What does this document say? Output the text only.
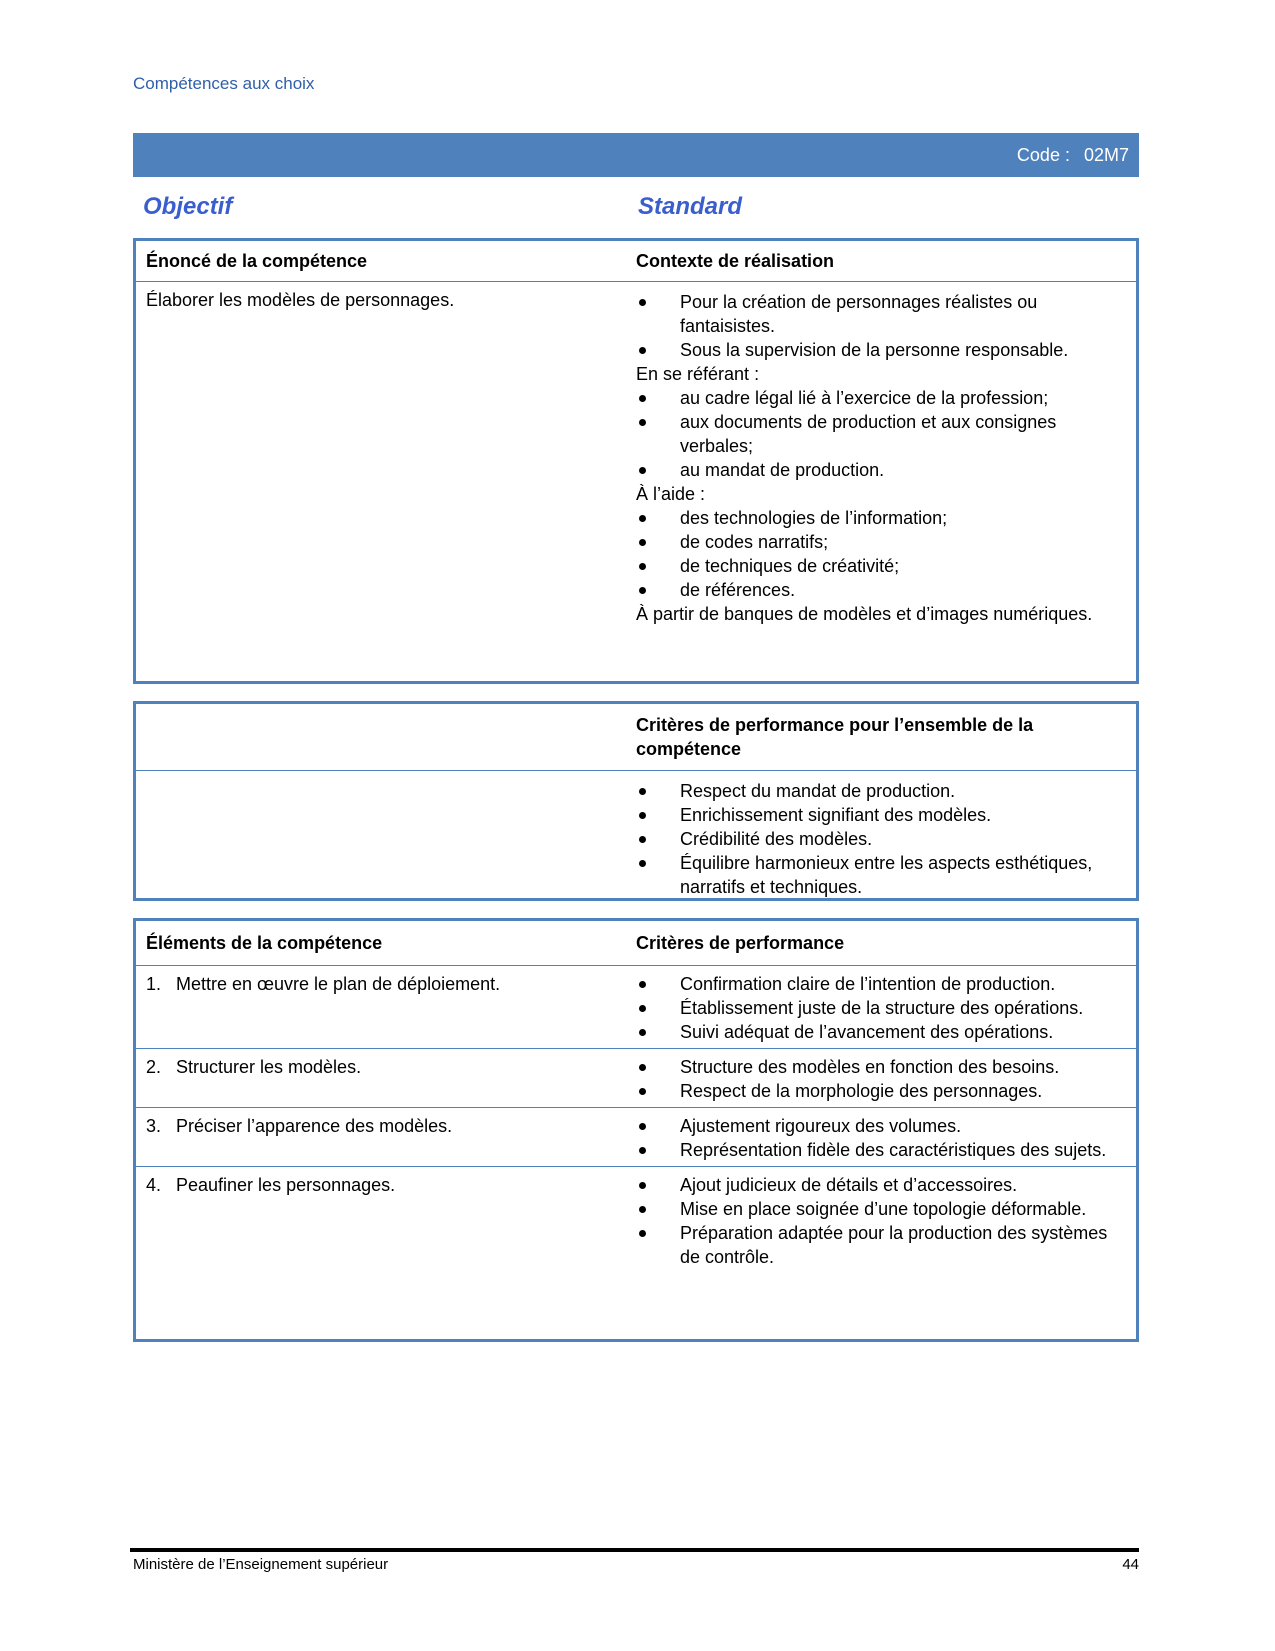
Compétences aux choix
Code : 02M7
Objectif	Standard
Énoncé de la compétence	Contexte de réalisation
Élaborer les modèles de personnages.	Pour la création de personnages réalistes ou fantaisistes.
Sous la supervision de la personne responsable.
En se référant :
au cadre légal lié à l’exercice de la profession;
aux documents de production et aux consignes verbales;
au mandat de production.
À l’aide :
des technologies de l’information;
de codes narratifs;
de techniques de créativité;
de références.
À partir de banques de modèles et d’images numériques.
Critères de performance pour l’ensemble de la compétence
Respect du mandat de production.
Enrichissement signifiant des modèles.
Crédibilité des modèles.
Équilibre harmonieux entre les aspects esthétiques, narratifs et techniques.
Éléments de la compétence	Critères de performance
1. Mettre en œuvre le plan de déploiement.	Confirmation claire de l’intention de production.
Établissement juste de la structure des opérations.
Suivi adéquat de l’avancement des opérations.
2. Structurer les modèles.	Structure des modèles en fonction des besoins.
Respect de la morphologie des personnages.
3. Préciser l’apparence des modèles.	Ajustement rigoureux des volumes.
Représentation fidèle des caractéristiques des sujets.
4. Peaufiner les personnages.	Ajout judicieux de détails et d’accessoires.
Mise en place soignée d’une topologie déformable.
Préparation adaptée pour la production des systèmes de contrôle.
Ministère de l’Enseignement supérieur	44
